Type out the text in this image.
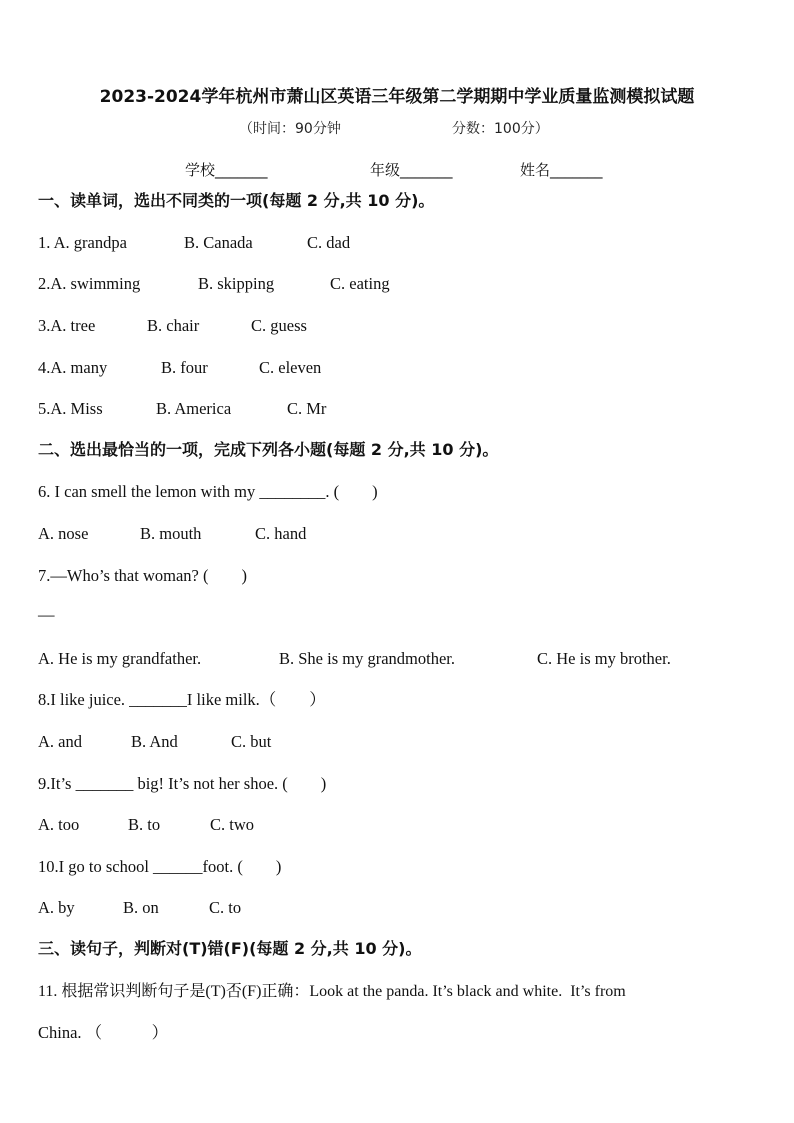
2023-2024学年杭州市萧山区英语三年级第二学期期中学业质量监测模拟试题
（时间：90分钟	分数：100分）
学校_______	年级_______	姓名_______
一、读单词，选出不同类的一项(每题 2 分,共 10 分)。
1. A. grandpa	B. Canada	C. dad
2.A. swimming	B. skipping	C. eating
3.A. tree	B. chair	C. guess
4.A. many	B. four	C. eleven
5.A. Miss	B. America	C. Mr
二、选出最恰当的一项，完成下列各小题(每题 2 分,共 10 分)。
6. I can smell the lemon with my ________. (　　)
A. nose	B. mouth	C. hand
7.—Who’s that woman? (　　)
—
A. He is my grandfather.	B. She is my grandmother.	C. He is my brother.
8.I like juice. _______I like milk.（　　）
A. and	B. And	C. but
9.It’s _______ big! It’s not her shoe. (　　)
A. too	B. to	C. two
10.I go to school ______foot. (　　)
A. by	B. on	C. to
三、读句子，判断对(T)错(F)(每题 2 分,共 10 分)。
11. 根据常识判断句子是(T)否(F)正确：Look at the panda. It’s black and white.  It’s from
China. （　　　）
